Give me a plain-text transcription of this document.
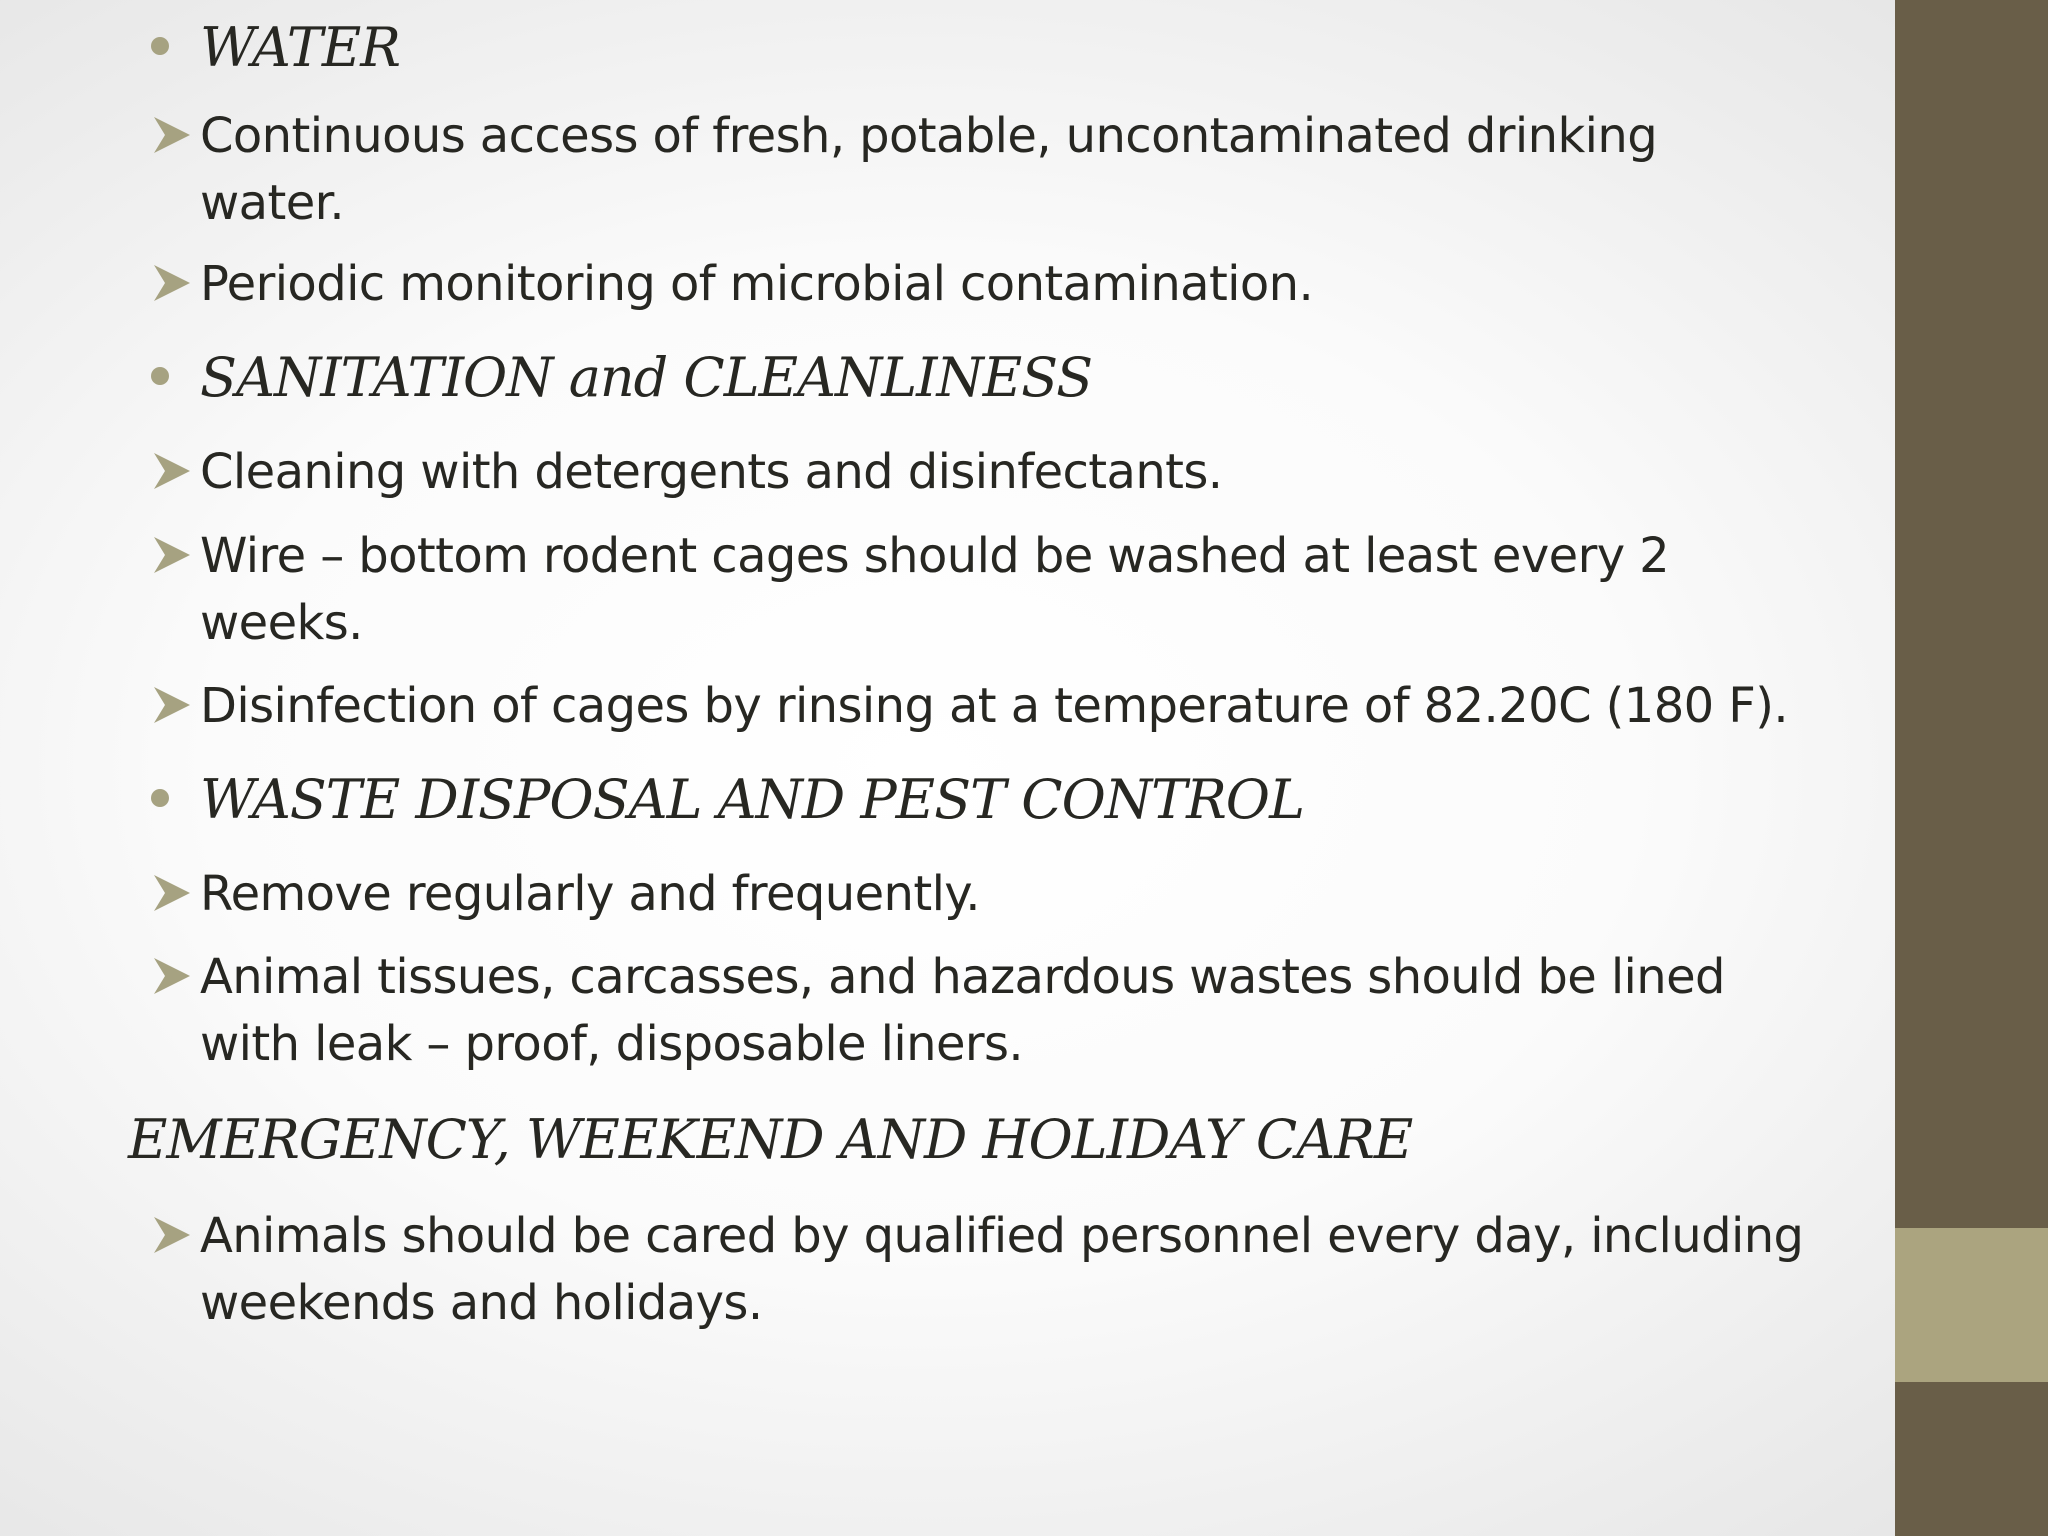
WATER
Continuous access of fresh, potable, uncontaminated drinking
water.
Periodic monitoring of microbial contamination.
SANITATION and CLEANLINESS
Cleaning with detergents and disinfectants.
Wire – bottom rodent cages should be washed at least every 2
weeks.
Disinfection of cages by rinsing at a temperature of 82.20C (180 F).
WASTE DISPOSAL AND PEST CONTROL
Remove regularly and frequently.
Animal tissues, carcasses, and hazardous wastes should be lined
with leak – proof, disposable liners.
EMERGENCY, WEEKEND AND HOLIDAY CARE
Animals should be cared by qualified personnel every day, including
weekends and holidays.
